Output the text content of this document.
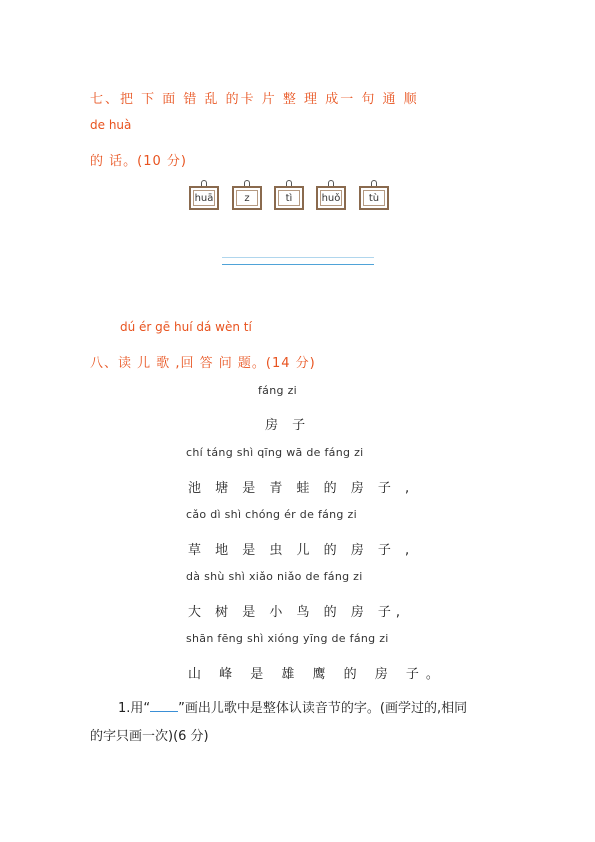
七、把 下 面 错 乱 的卡 片 整 理 成一 句 通 顺
de huà
的 话。(10 分)
huā	z	tì	huǒ	tù
dú ér gē huí dá wèn tí
八、读 儿 歌 ,回 答 问 题。(14 分)
fáng zi
房 子
chí táng shì qīng wā de fáng zi
池 塘 是 青 蛙 的 房 子 ,
cǎo dì shì chóng ér de fáng zi
草 地 是 虫 儿 的 房 子 ,
dà shù shì xiǎo niǎo de fáng zi
大 树 是 小 鸟 的 房 子,
shān fēng shì xióng yīng de fáng zi
山 峰 是 雄 鹰 的 房 子。
1.用“ ”画出儿歌中是整体认读音节的字。(画学过的,相同
的字只画一次)(6 分)
